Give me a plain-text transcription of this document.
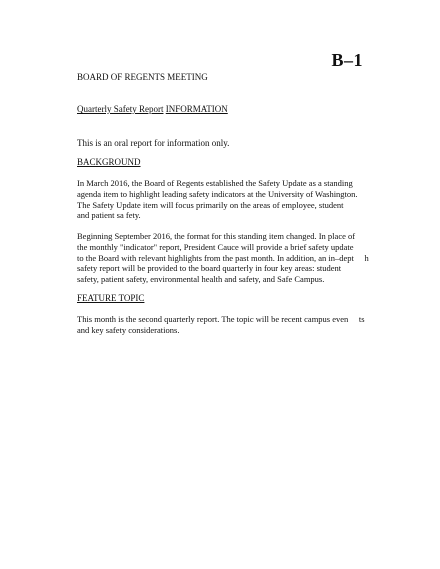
B–1
BOARD OF REGENTS MEETING
Quarterly Safety Report INFORMATION
This is an oral report for information only.
BACKGROUND
In March 2016, the Board of Regents established the Safety Update as a standing
agenda item to highlight leading safety indicators at the University of Washington.
The Safety Update item will focus primarily on the areas of employee, student
and patient sa fety.
Beginning September 2016, the format for this standing item changed. In place of
the monthly "indicator" report, President Cauce will provide a brief safety update
to the Board with relevant highlights from the past month. In addition, an in–dept     h
safety report will be provided to the board quarterly in four key areas: student
safety, patient safety, environmental health and safety, and Safe Campus.
FEATURE TOPIC
This month is the second quarterly report. The topic will be recent campus even     ts
and key safety considerations.
